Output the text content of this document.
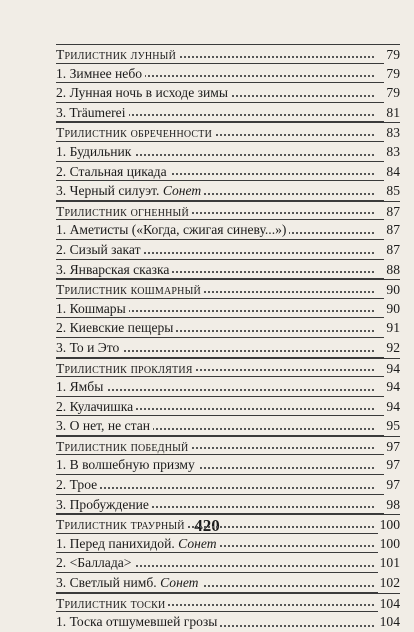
Трилистник лунный	79
1. Зимнее небо	79
2. Лунная ночь в исходе зимы	79
3. Träumerei	81
Трилистник обреченности	83
1. Будильник	83
2. Стальная цикада	84
3. Черный силуэт. Сонет	85
Трилистник огненный	87
1. Аметисты («Когда, сжигая синеву...»)	87
2. Сизый закат	87
3. Январская сказка	88
Трилистник кошмарный	90
1. Кошмары	90
2. Киевские пещеры	91
3. То и Это	92
Трилистник проклятия	94
1. Ямбы	94
2. Кулачишка	94
3. О нет, не стан	95
Трилистник победный	97
1. В волшебную призму	97
2. Трое	97
3. Пробуждение	98
Трилистник траурный	100
1. Перед панихидой. Сонет	100
2. <Баллада>	101
3. Светлый нимб. Сонет	102
Трилистник тоски	104
1. Тоска отшумевшей грозы	104
420
